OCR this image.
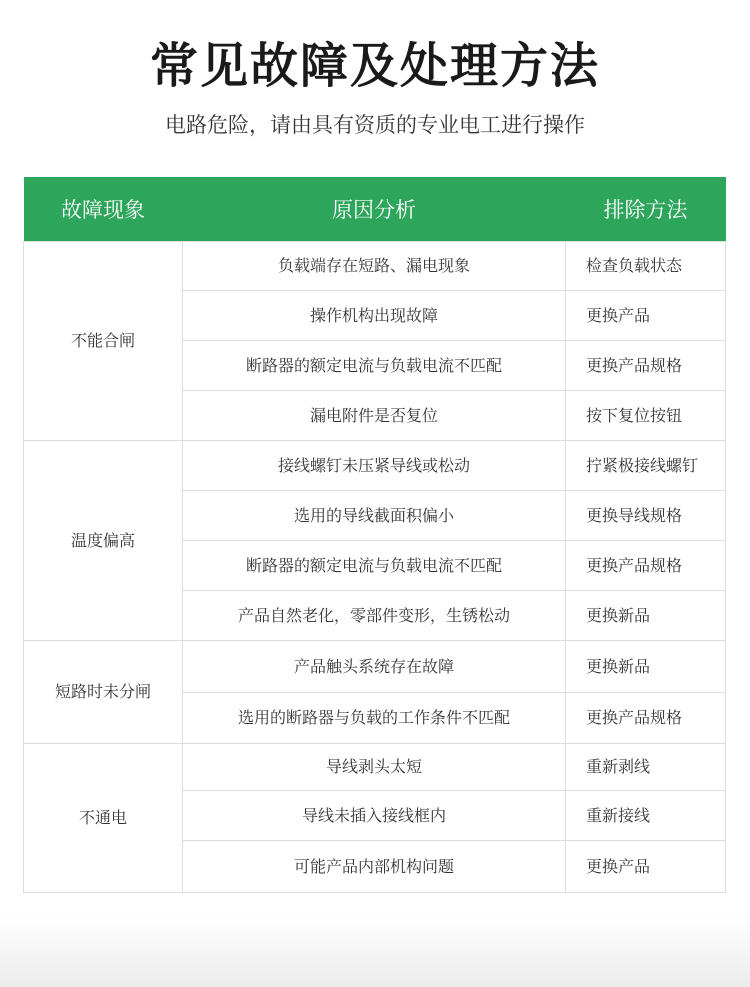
常见故障及处理方法
电路危险，请由具有资质的专业电工进行操作
故障现象	原因分析	排除方法
不能合闸	负载端存在短路、漏电现象	检查负载状态
	操作机构出现故障	更换产品
	断路器的额定电流与负载电流不匹配	更换产品规格
	漏电附件是否复位	按下复位按钮
温度偏高	接线螺钉未压紧导线或松动	拧紧极接线螺钉
	选用的导线截面积偏小	更换导线规格
	断路器的额定电流与负载电流不匹配	更换产品规格
	产品自然老化，零部件变形，生锈松动	更换新品
短路时未分闸	产品触头系统存在故障	更换新品
	选用的断路器与负载的工作条件不匹配	更换产品规格
不通电	导线剥头太短	重新剥线
	导线未插入接线框内	重新接线
	可能产品内部机构问题	更换产品
